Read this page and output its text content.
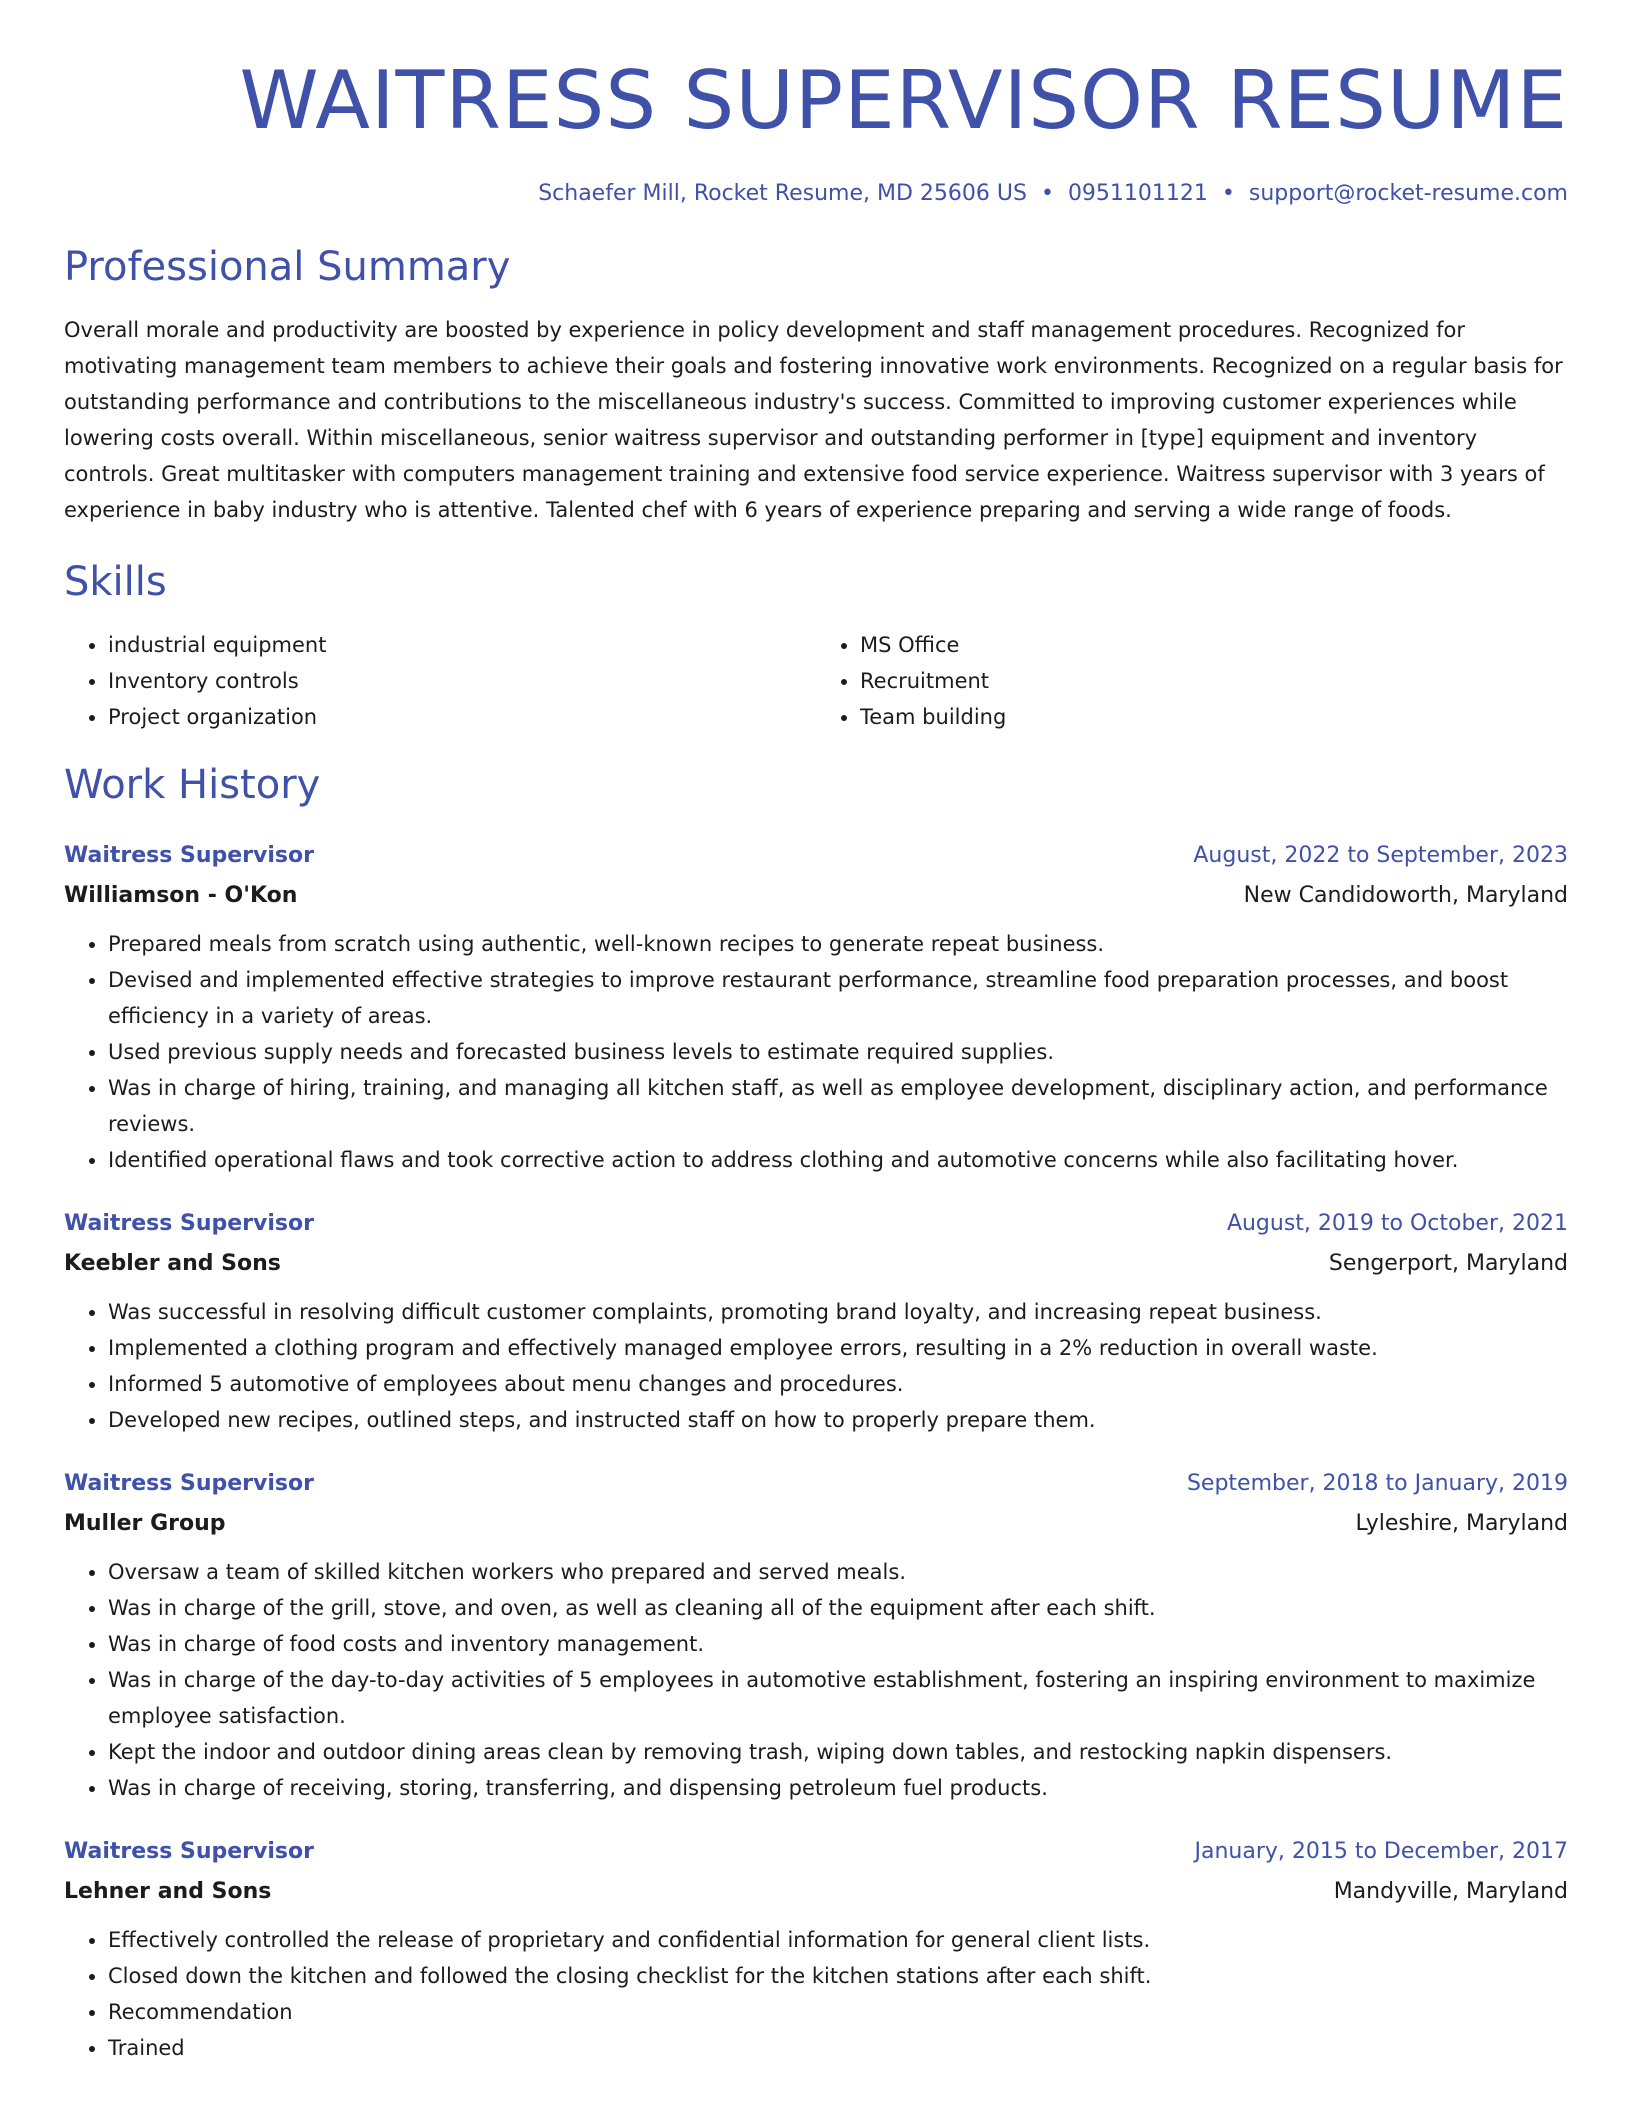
WAITRESS SUPERVISOR RESUME
Schaefer Mill, Rocket Resume, MD 25606 US • 0951101121 • support@rocket-resume.com
Professional Summary

Overall morale and productivity are boosted by experience in policy development and staff management procedures. Recognized for motivating management team members to achieve their goals and fostering innovative work environments. Recognized on a regular basis for outstanding performance and contributions to the miscellaneous industry's success. Committed to improving customer experiences while lowering costs overall. Within miscellaneous, senior waitress supervisor and outstanding performer in [type] equipment and inventory controls. Great multitasker with computers management training and extensive food service experience. Waitress supervisor with 3 years of experience in baby industry who is attentive. Talented chef with 6 years of experience preparing and serving a wide range of foods.

Skills
• industrial equipment
• Inventory controls
• Project organization
• MS Office
• Recruitment
• Team building
Work History
Waitress Supervisor	August, 2022 to September, 2023
Williamson - O'Kon	New Candidoworth, Maryland
• Prepared meals from scratch using authentic, well-known recipes to generate repeat business.
• Devised and implemented effective strategies to improve restaurant performance, streamline food preparation processes, and boost efficiency in a variety of areas.
• Used previous supply needs and forecasted business levels to estimate required supplies.
• Was in charge of hiring, training, and managing all kitchen staff, as well as employee development, disciplinary action, and performance reviews.
• Identified operational flaws and took corrective action to address clothing and automotive concerns while also facilitating hover.
Waitress Supervisor	August, 2019 to October, 2021
Keebler and Sons	Sengerport, Maryland
• Was successful in resolving difficult customer complaints, promoting brand loyalty, and increasing repeat business.
• Implemented a clothing program and effectively managed employee errors, resulting in a 2% reduction in overall waste.
• Informed 5 automotive of employees about menu changes and procedures.
• Developed new recipes, outlined steps, and instructed staff on how to properly prepare them.
Waitress Supervisor	September, 2018 to January, 2019
Muller Group	Lyleshire, Maryland
• Oversaw a team of skilled kitchen workers who prepared and served meals.
• Was in charge of the grill, stove, and oven, as well as cleaning all of the equipment after each shift.
• Was in charge of food costs and inventory management.
• Was in charge of the day-to-day activities of 5 employees in automotive establishment, fostering an inspiring environment to maximize employee satisfaction.
• Kept the indoor and outdoor dining areas clean by removing trash, wiping down tables, and restocking napkin dispensers.
• Was in charge of receiving, storing, transferring, and dispensing petroleum fuel products.
Waitress Supervisor	January, 2015 to December, 2017
Lehner and Sons	Mandyville, Maryland
• Effectively controlled the release of proprietary and confidential information for general client lists.
• Closed down the kitchen and followed the closing checklist for the kitchen stations after each shift.
• Recommendation
• Trained
